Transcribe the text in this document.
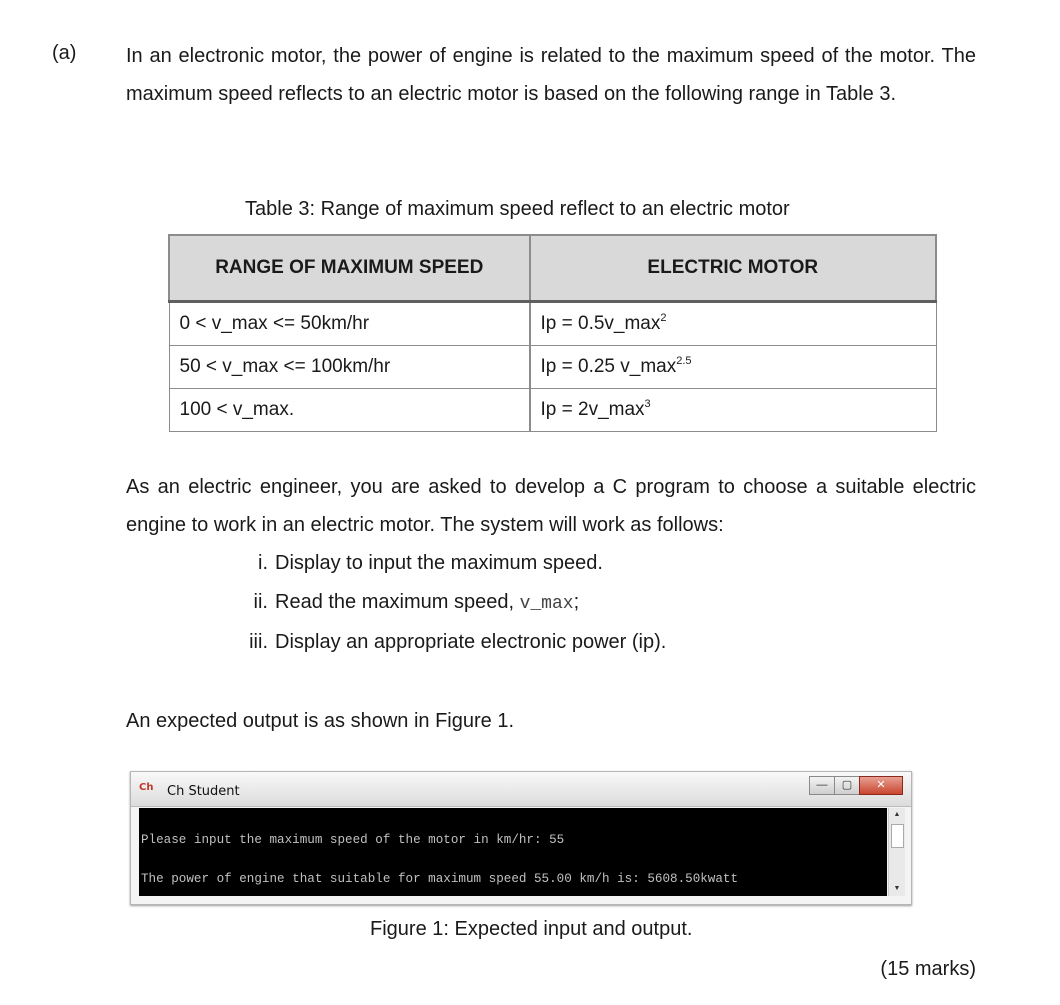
(a) In an electronic motor, the power of engine is related to the maximum speed of the motor. The maximum speed reflects to an electric motor is based on the following range in Table 3.
Table 3: Range of maximum speed reflect to an electric motor
RANGE OF MAXIMUM SPEED	ELECTRIC MOTOR
0 < v_max <= 50km/hr	$Ip = 0.5v\_\max^2$
50 < v_max <= 100km/hr	Ip = 0.25 $v\_\max^{2.5}$
100 < v_max.	$Ip = 2v\_\max^3$
As an electric engineer, you are asked to develop a C program to choose a suitable electric engine to work in an electric motor. The system will work as follows:
i. Display to input the maximum speed.
ii. Read the maximum speed, v_max;
iii. Display an appropriate electronic power (ip).
An expected output is as shown in Figure 1.
Ch Ch Student	— ▢ ✕

Please input the maximum speed of the motor in km/hr: 55

The power of engine that suitable for maximum speed 55.00 km/h is: 5608.50kwatt

▲
▼
Figure 1: Expected input and output.
(15 marks)
